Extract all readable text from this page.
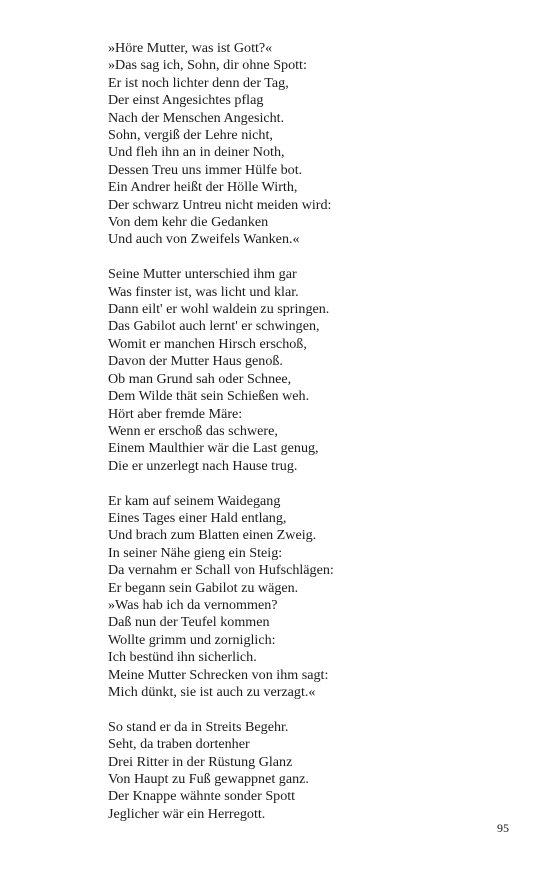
»Höre Mutter, was ist Gott?«
»Das sag ich, Sohn, dir ohne Spott:
Er ist noch lichter denn der Tag,
Der einst Angesichtes pflag
Nach der Menschen Angesicht.
Sohn, vergiß der Lehre nicht,
Und fleh ihn an in deiner Noth,
Dessen Treu uns immer Hülfe bot.
Ein Andrer heißt der Hölle Wirth,
Der schwarz Untreu nicht meiden wird:
Von dem kehr die Gedanken
Und auch von Zweifels Wanken.«
Seine Mutter unterschied ihm gar
Was finster ist, was licht und klar.
Dann eilt' er wohl waldein zu springen.
Das Gabilot auch lernt' er schwingen,
Womit er manchen Hirsch erschoß,
Davon der Mutter Haus genoß.
Ob man Grund sah oder Schnee,
Dem Wilde thät sein Schießen weh.
Hört aber fremde Märe:
Wenn er erschoß das schwere,
Einem Maulthier wär die Last genug,
Die er unzerlegt nach Hause trug.
Er kam auf seinem Waidegang
Eines Tages einer Hald entlang,
Und brach zum Blatten einen Zweig.
In seiner Nähe gieng ein Steig:
Da vernahm er Schall von Hufschlägen:
Er begann sein Gabilot zu wägen.
»Was hab ich da vernommen?
Daß nun der Teufel kommen
Wollte grimm und zorniglich:
Ich bestünd ihn sicherlich.
Meine Mutter Schrecken von ihm sagt:
Mich dünkt, sie ist auch zu verzagt.«
So stand er da in Streits Begehr.
Seht, da traben dortenher
Drei Ritter in der Rüstung Glanz
Von Haupt zu Fuß gewappnet ganz.
Der Knappe wähnte sonder Spott
Jeglicher wär ein Herregott.
95
